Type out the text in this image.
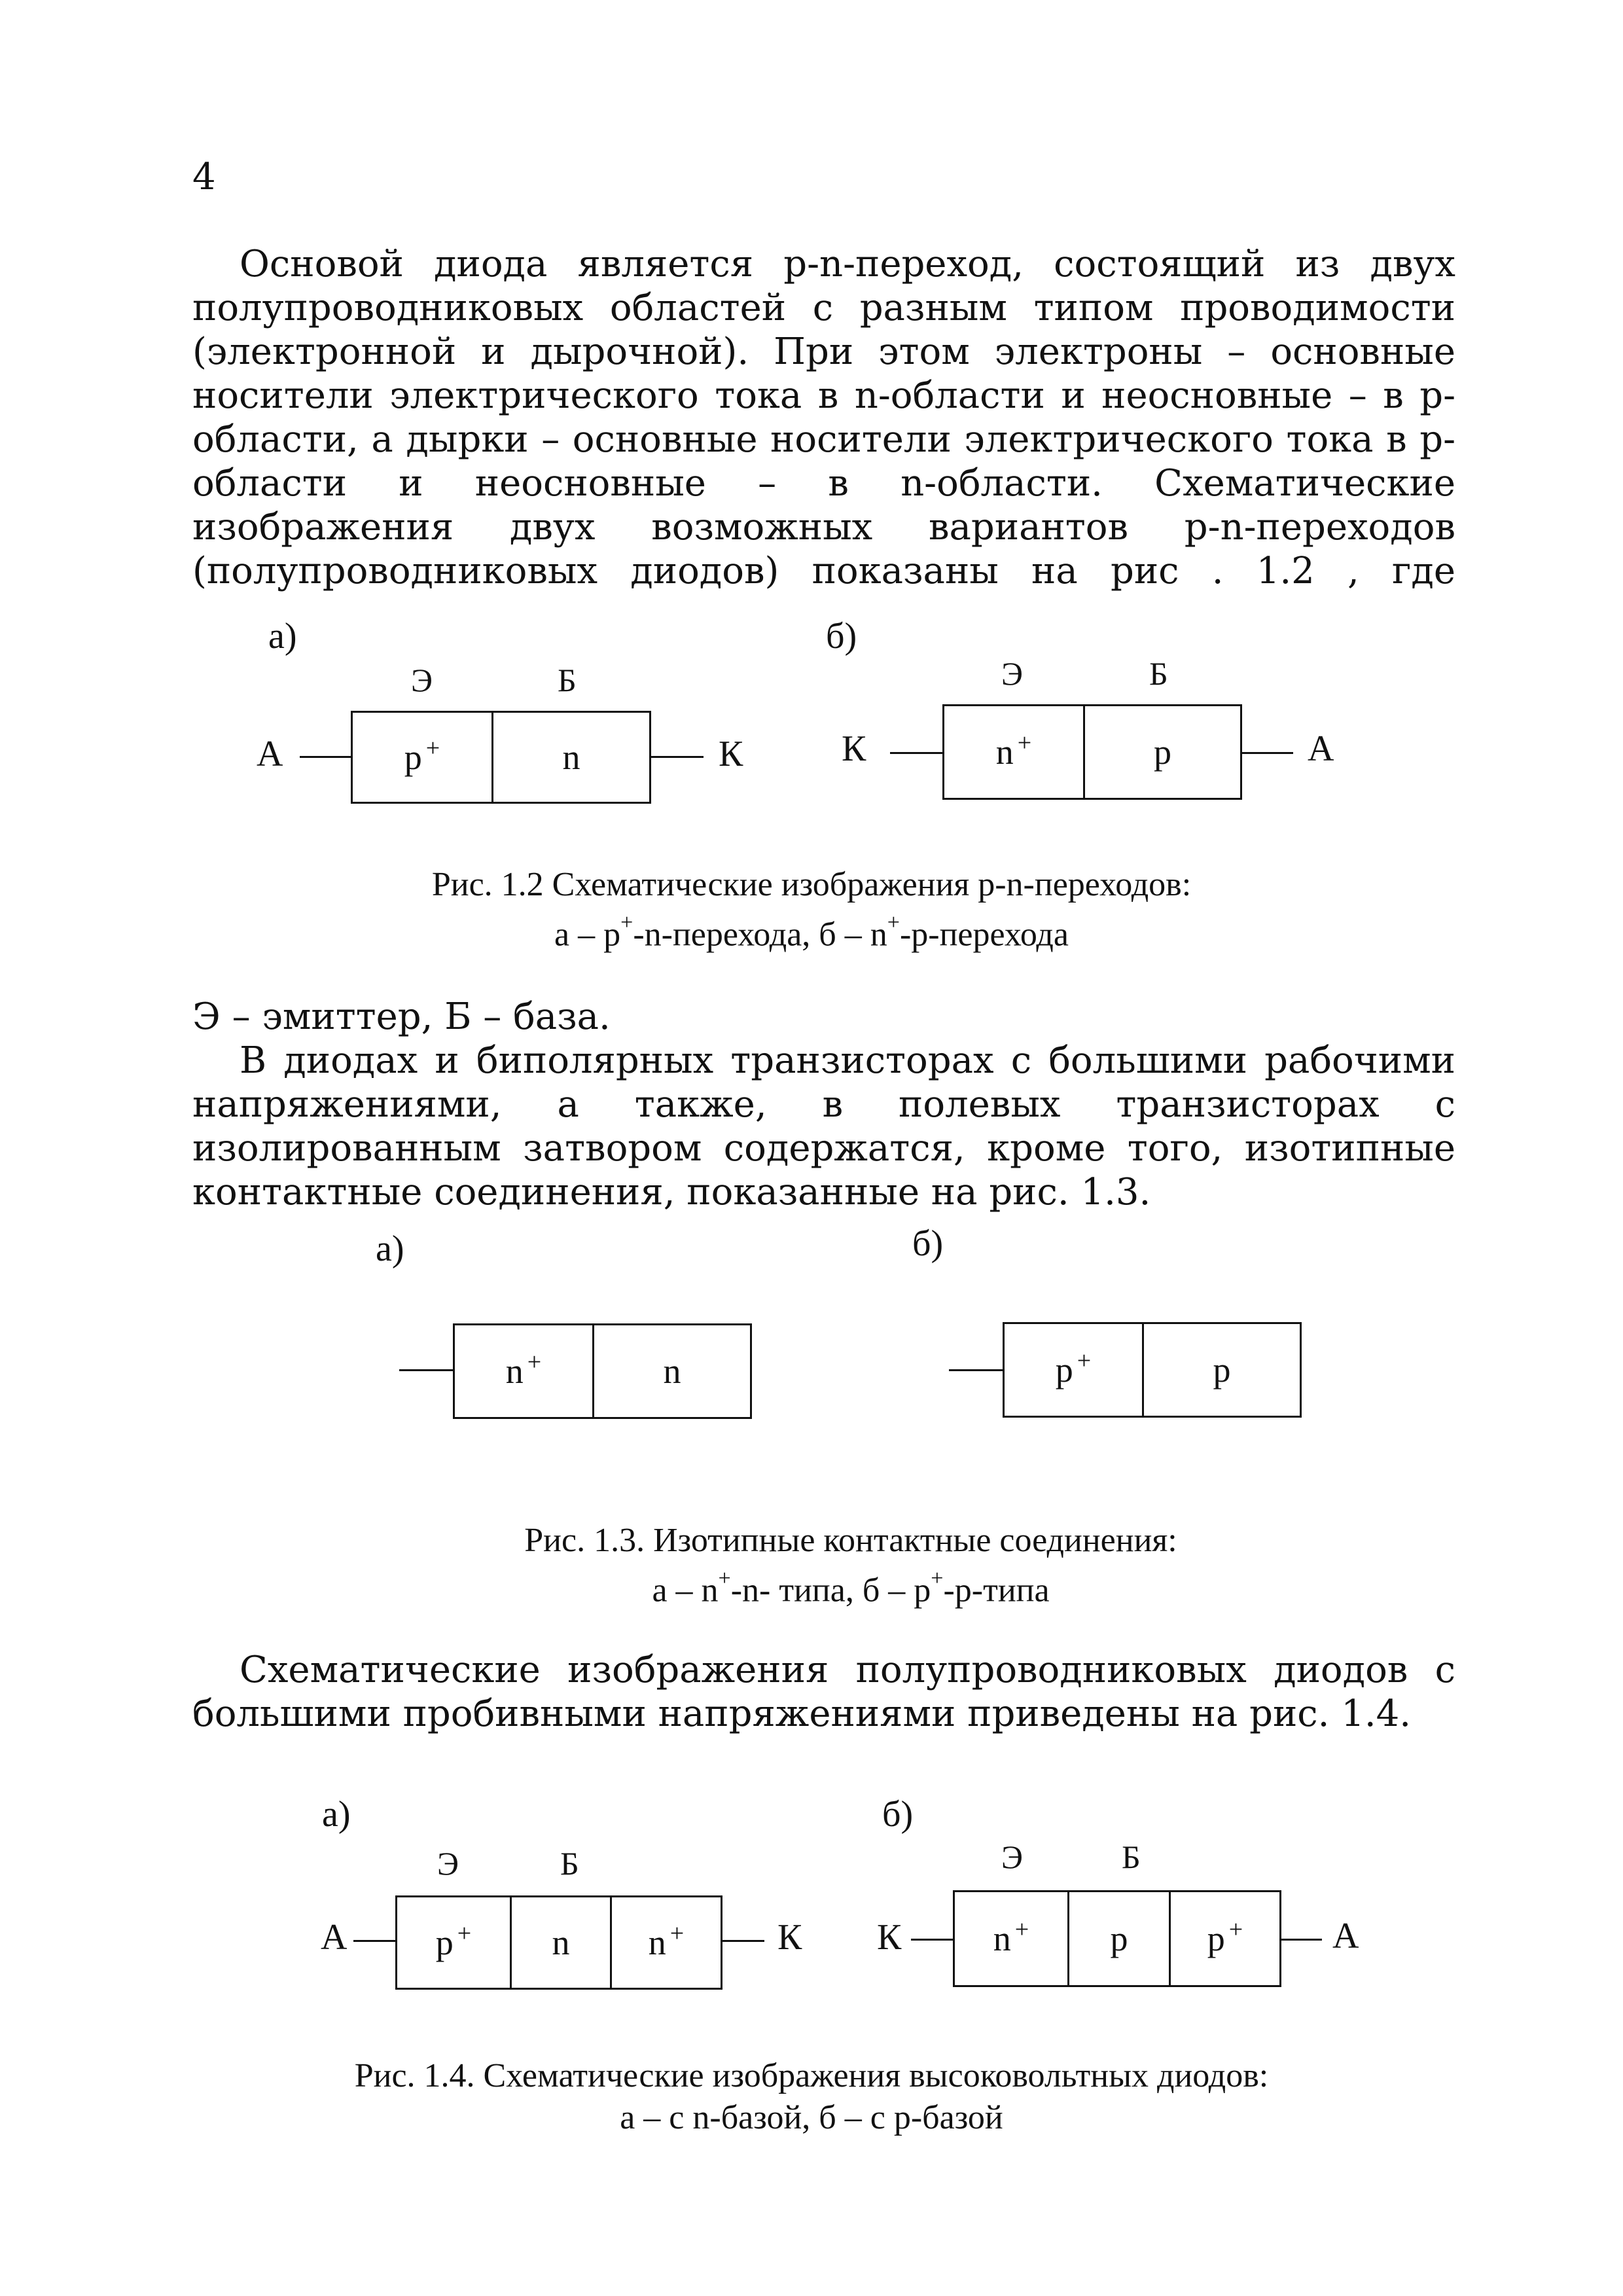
4
Основой диода является р-n-переход, состоящий из двух
полупроводниковых областей с разным типом проводимости
(электронной и дырочной). При этом электроны – основные
носители электрического тока в n-области и неосновные – в р-
области, а дырки – основные носители электрического тока в р-
области и неосновные – в n-области. Схематические
изображения двух возможных вариантов р-n-переходов
(полупроводниковых диодов) показаны на рис . 1.2 , где
а)	б)
Э	Б
А	p+	n	К
Э	Б
К	n+	p	А
Рис. 1.2 Схематические изображения p-n-переходов:
а – p+-n-перехода, б – n+-p-перехода
Э – эмиттер, Б – база.
В диодах и биполярных транзисторах с большими рабочими
напряжениями, а также, в полевых транзисторах с
изолированным затвором содержатся, кроме того, изотипные
контактные соединения, показанные на рис. 1.3.
а)	б)
n+	n	p+	p
Рис. 1.3. Изотипные контактные соединения:
а – n+-n- типа, б – p+-p-типа
Схематические изображения полупроводниковых диодов с
большими пробивными напряжениями приведены на рис. 1.4.
а)	б)
Э	Б
А	p+ n n+	К
Э	Б
К	n+ p p+ А
Рис. 1.4. Схематические изображения высоковольтных диодов:
а – с n-базой, б – с p-базой
